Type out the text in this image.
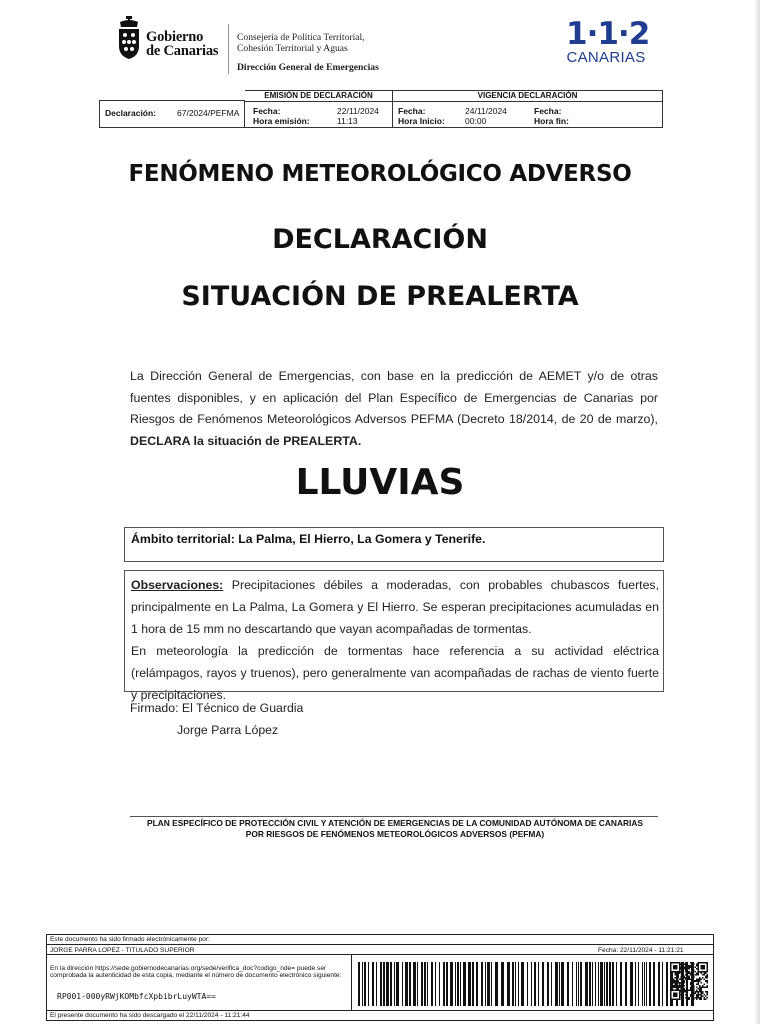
Gobierno
de Canarias
Consejería de Política Territorial,
Cohesión Territorial y Aguas
Dirección General de Emergencias
1·1·2
CANARIAS
Declaración: 67/2024/PEFMA
EMISIÓN DE DECLARACIÓN
Fecha:	22/11/2024
Hora emisión:	11:13
VIGENCIA DECLARACIÓN
Fecha:	24/11/2024
Hora Inicio: 00:00
Fecha:
Hora fin:
FENÓMENO METEOROLÓGICO ADVERSO
DECLARACIÓN
SITUACIÓN DE PREALERTA
La Dirección General de Emergencias, con base en la predicción de AEMET y/o de otras fuentes disponibles, y en aplicación del Plan Específico de Emergencias de Canarias por Riesgos de Fenómenos Meteorológicos Adversos PEFMA (Decreto 18/2014, de 20 de marzo), DECLARA la situación de PREALERTA.
LLUVIAS
Ámbito territorial: La Palma, El Hierro, La Gomera y Tenerife.
Observaciones: Precipitaciones débiles a moderadas, con probables chubascos fuertes, principalmente en La Palma, La Gomera y El Hierro. Se esperan precipitaciones acumuladas en 1 hora de 15 mm no descartando que vayan acompañadas de tormentas.
En meteorología la predicción de tormentas hace referencia a su actividad eléctrica (relámpagos, rayos y truenos), pero generalmente van acompañadas de rachas de viento fuerte y precipitaciones.
Firmado: El Técnico de Guardia
Jorge Parra López
PLAN ESPECÍFICO DE PROTECCIÓN CIVIL Y ATENCIÓN DE EMERGENCIAS DE LA COMUNIDAD AUTÓNOMA DE CANARIAS
POR RIESGOS DE FENÓMENOS METEOROLÓGICOS ADVERSOS (PEFMA)
Este documento ha sido firmado electrónicamente por:
JORGE PARRA LOPEZ - TITULADO SUPERIOR
En la dirección https://sede.gobiernodecanarias.org/sede/verifica_doc?codigo_nde= puede ser comprobada la autenticidad de esta copia, mediante el número de documento electrónico siguiente:
RP001-000yRWjKOMbfcXpbibrLuyWTA==
Fecha: 22/11/2024 - 11:21:21
El presente documento ha sido descargado el 22/11/2024 - 11:21:44
